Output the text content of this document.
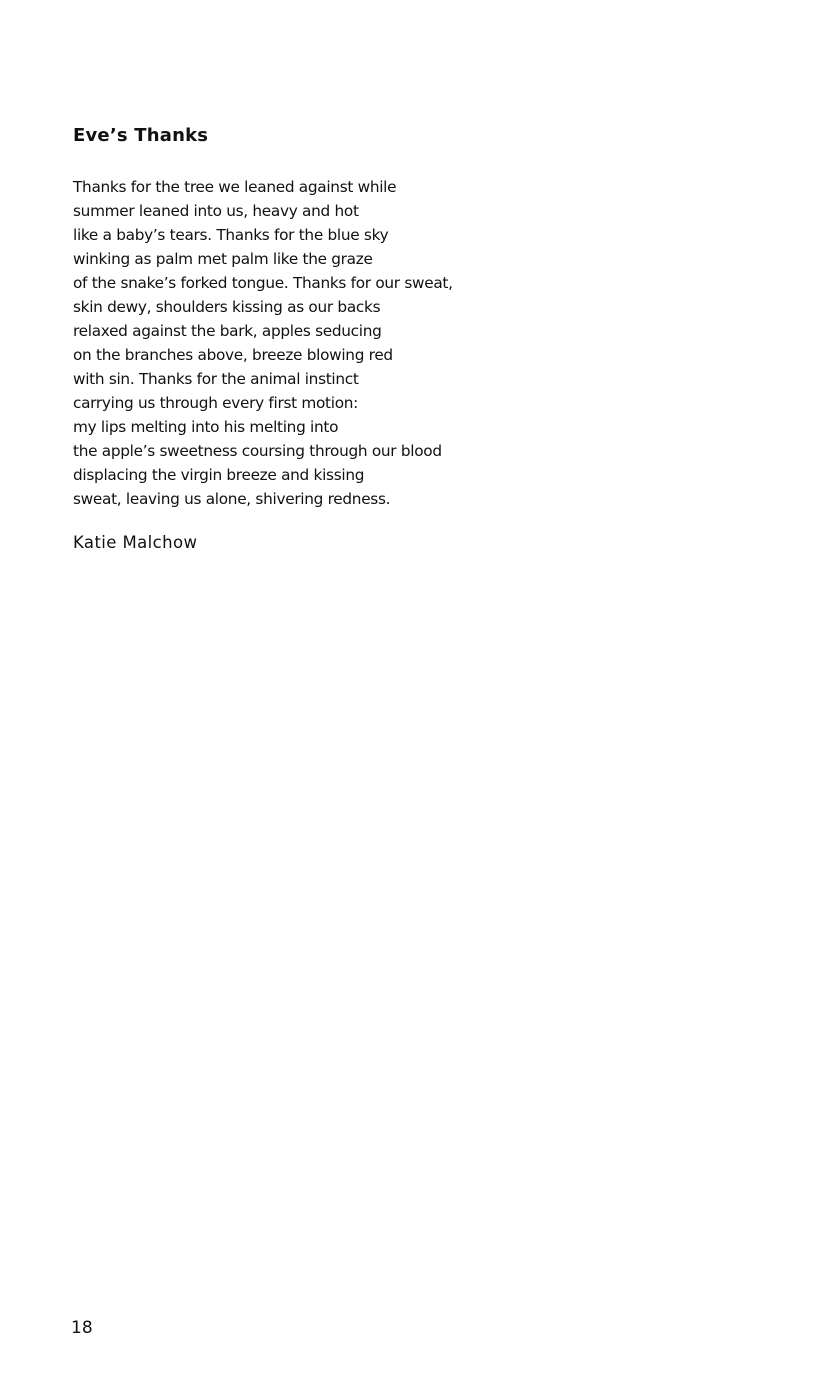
Eve’s Thanks
Thanks for the tree we leaned against while
summer leaned into us, heavy and hot
like a baby’s tears. Thanks for the blue sky
winking as palm met palm like the graze
of the snake’s forked tongue. Thanks for our sweat,
skin dewy, shoulders kissing as our backs
relaxed against the bark, apples seducing
on the branches above, breeze blowing red
with sin. Thanks for the animal instinct
carrying us through every first motion:
my lips melting into his melting into
the apple’s sweetness coursing through our blood
displacing the virgin breeze and kissing
sweat, leaving us alone, shivering redness.

Katie Malchow

18
